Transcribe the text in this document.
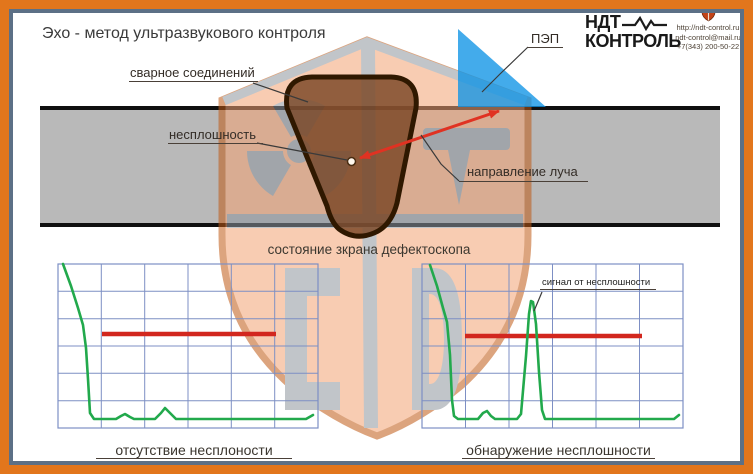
Эхо - метод ультразвукового контроля
сварное соединений
несплошность
ПЭП
направление луча
состояние зкрана дефектоскопа
сигнал от несплошности
отсутствие несплоности	обнаружение несплошности
НДТ
КОНТРОЛЬ
http://ndt-control.ru
ndt-control@mail.ru
+7(343) 200-50-22
